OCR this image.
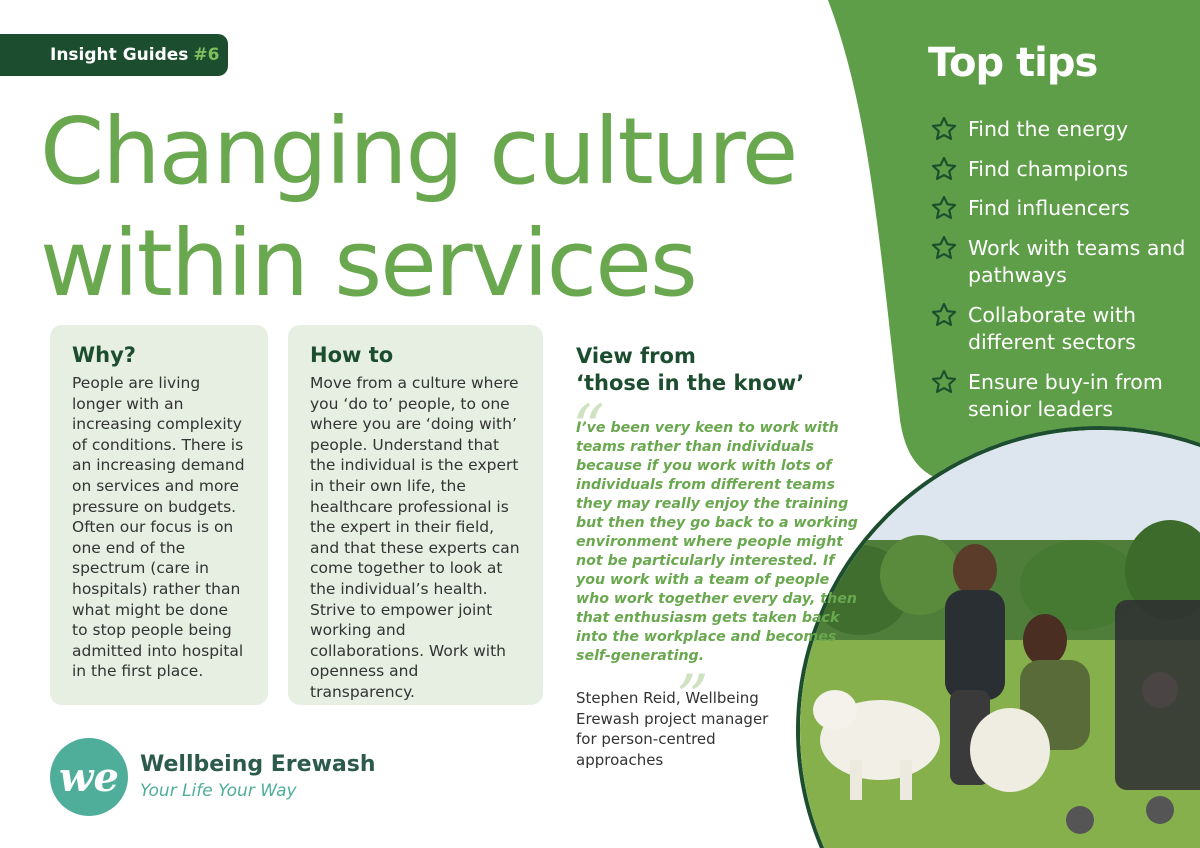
Insight Guides #6
Changing culture
within services
Why?

People are living longer with an increasing complexity of conditions. There is an increasing demand on services and more pressure on budgets. Often our focus is on one end of the spectrum (care in hospitals) rather than what might be done to stop people being admitted into hospital in the first place.

How to

Move from a culture where you ‘do to’ people, to one where you are ‘doing with’ people. Understand that the individual is the expert in their own life, the healthcare professional is the expert in their field, and that these experts can come together to look at the individual’s health. Strive to empower joint working and collaborations. Work with openness and transparency.

View from
‘those in the know’
“

I’ve been very keen to work with teams rather than individuals because if you work with lots of individuals from different teams they may really enjoy the training but then they go back to a working environment where people might not be particularly interested. If you work with a team of people who work together every day, then that enthusiasm gets taken back into the workplace and becomes self-generating.

”

Stephen Reid, Wellbeing Erewash project manager for person-centred approaches

Top tips
Find the energy
Find champions
Find influencers
Work with teams and pathways
Collaborate with different sectors
Ensure buy-in from senior leaders
we Wellbeing Erewash
Your Life Your Way
